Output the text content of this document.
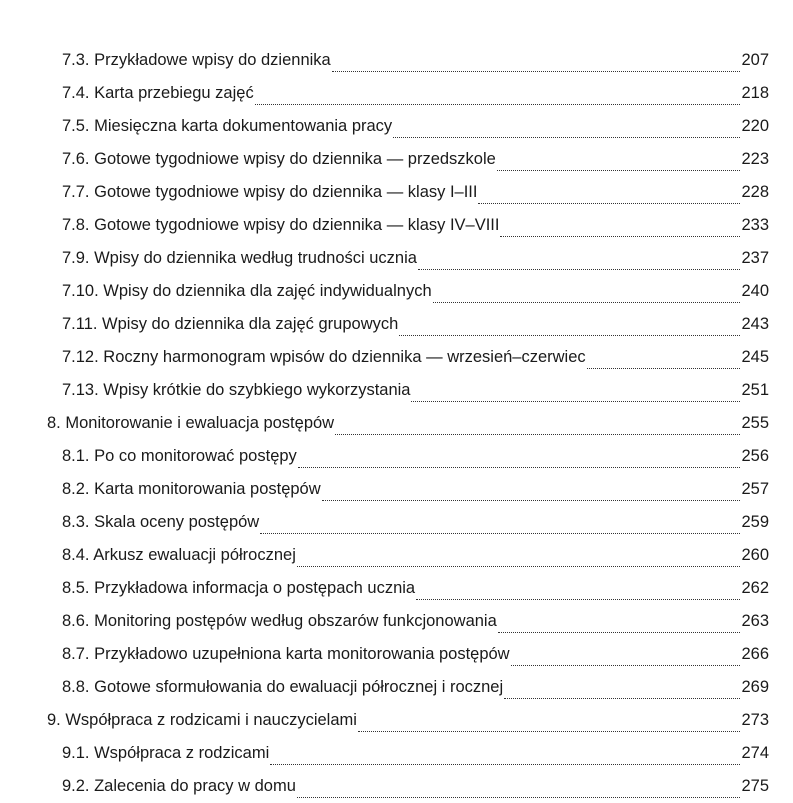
7.3. Przykładowe wpisy do dziennika	207
7.4. Karta przebiegu zajęć	218
7.5. Miesięczna karta dokumentowania pracy	220
7.6. Gotowe tygodniowe wpisy do dziennika — przedszkole	223
7.7. Gotowe tygodniowe wpisy do dziennika — klasy I–III	228
7.8. Gotowe tygodniowe wpisy do dziennika — klasy IV–VIII	233
7.9. Wpisy do dziennika według trudności ucznia	237
7.10. Wpisy do dziennika dla zajęć indywidualnych	240
7.11. Wpisy do dziennika dla zajęć grupowych	243
7.12. Roczny harmonogram wpisów do dziennika — wrzesień–czerwiec	245
7.13. Wpisy krótkie do szybkiego wykorzystania	251
8. Monitorowanie i ewaluacja postępów	255
8.1. Po co monitorować postępy	256
8.2. Karta monitorowania postępów	257
8.3. Skala oceny postępów	259
8.4. Arkusz ewaluacji półrocznej	260
8.5. Przykładowa informacja o postępach ucznia	262
8.6. Monitoring postępów według obszarów funkcjonowania	263
8.7. Przykładowo uzupełniona karta monitorowania postępów	266
8.8. Gotowe sformułowania do ewaluacji półrocznej i rocznej	269
9. Współpraca z rodzicami i nauczycielami	273
9.1. Współpraca z rodzicami	274
9.2. Zalecenia do pracy w domu	275
